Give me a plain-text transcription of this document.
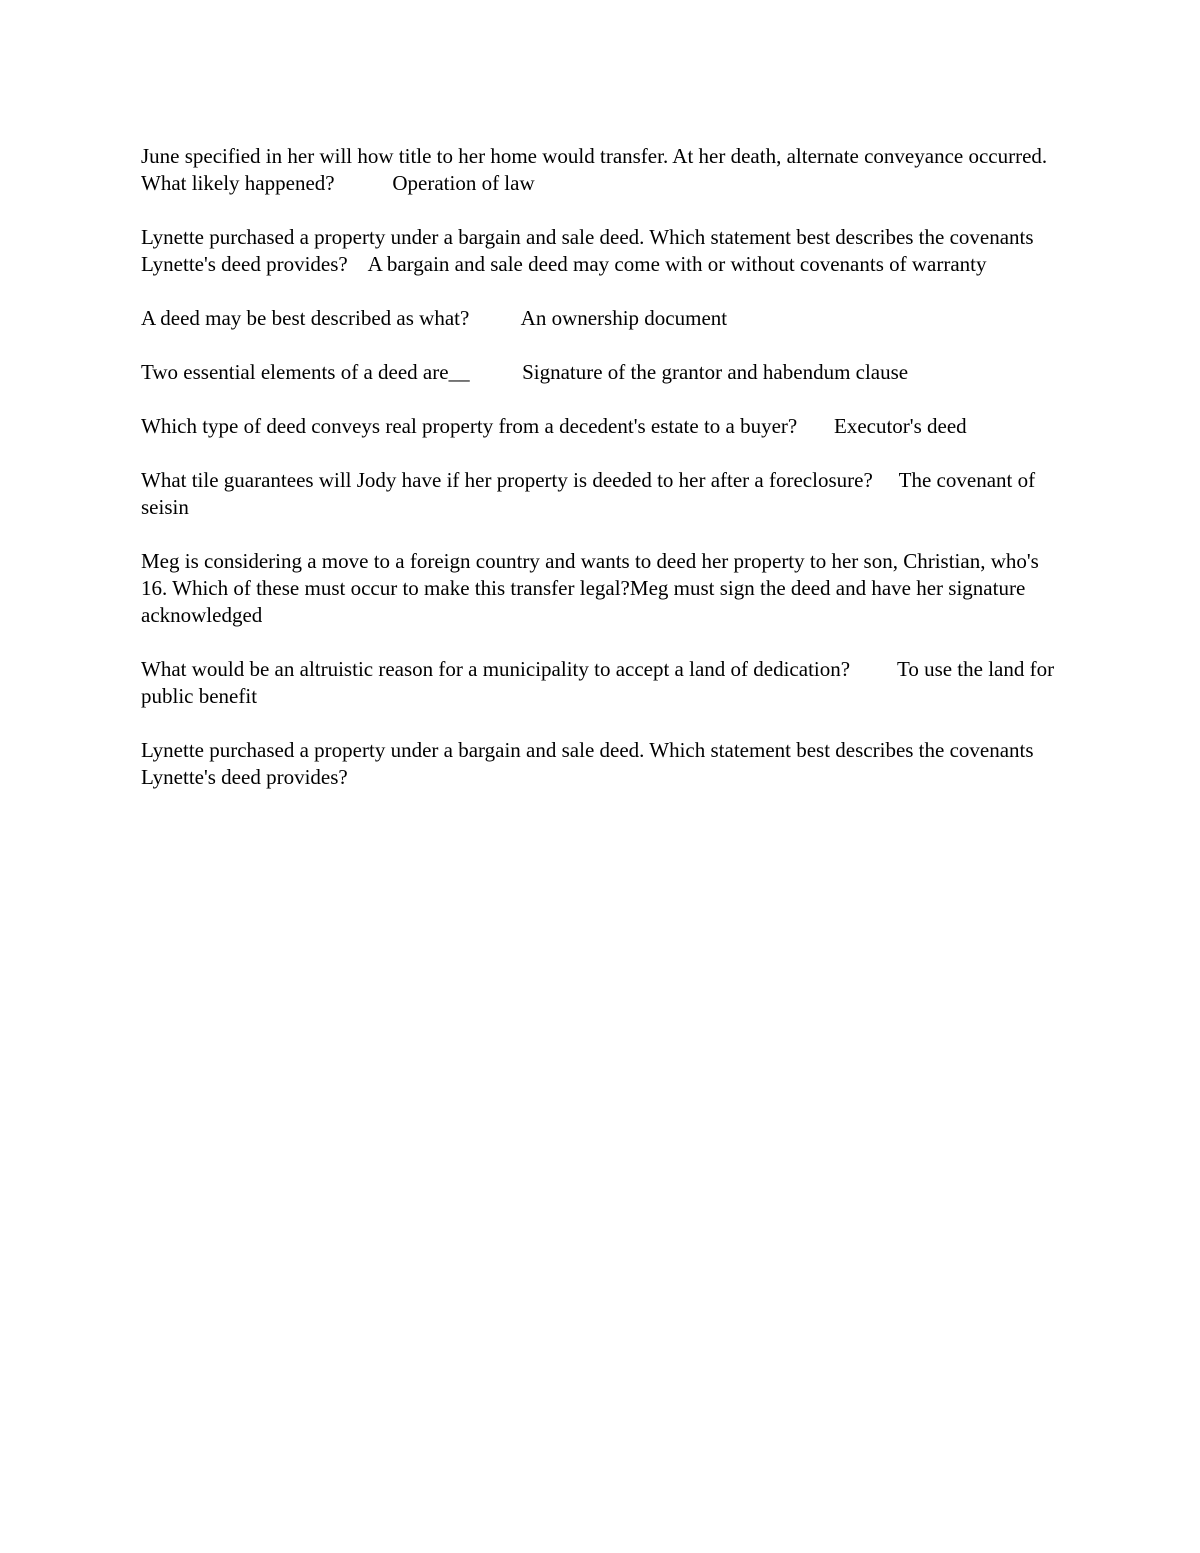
June specified in her will how title to her home would transfer. At her death, alternate conveyance occurred. What likely happened?	Operation of law

Lynette purchased a property under a bargain and sale deed. Which statement best describes the covenants Lynette's deed provides? A bargain and sale deed may come with or without covenants of warranty

A deed may be best described as what? An ownership document

Two essential elements of a deed are__	Signature of the grantor and habendum clause

Which type of deed conveys real property from a decedent's estate to a buyer? Executor's deed

What tile guarantees will Jody have if her property is deeded to her after a foreclosure? The covenant of seisin

Meg is considering a move to a foreign country and wants to deed her property to her son, Christian, who's 16. Which of these must occur to make this transfer legal?Meg must sign the deed and have her signature acknowledged

What would be an altruistic reason for a municipality to accept a land of dedication? To use the land for public benefit

Lynette purchased a property under a bargain and sale deed. Which statement best describes the covenants Lynette's deed provides?
